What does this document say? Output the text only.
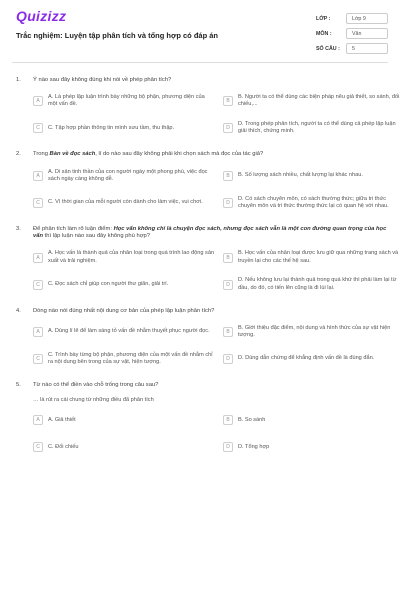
Quizizz
Trắc nghiệm: Luyện tập phân tích và tổng hợp có đáp án
LỚP :	Lớp 9
MÔN :	Văn
SỐ CÂU :	5
1. Ý nào sau đây không đúng khi nói về phép phân tích?
A
A. Là phép lập luận trình bày những bộ phận, phương diện của một vấn đề.	B
B. Người ta có thể dùng các biện pháp nêu giả thiết, so sánh, đối chiếu,...
C	C. Tập hợp phần thông tin mình sưu tầm, thu thập.	D
D. Trong phép phân tích, người ta có thể dùng cả phép lập luận giải thích, chứng minh.
2. Trong Bàn về đọc sách, lí do nào sau đây không phải khi chọn sách mà đọc của tác giả?
A
A. Di sản tinh thần của con người ngày một phong phú, việc đọc sách ngày càng không dễ.	B	B. Số lượng sách nhiều, chất lượng lại khác nhau.
C	C. Vì thời gian của mỗi người còn dành cho làm việc, vui chơi.	D
D. Có sách chuyên môn, có sách thường thức; giữa tri thức chuyên môn và tri thức thường thức lại có quan hệ với nhau.
3. Để phân tích làm rõ luận điểm: Học vấn không chỉ là chuyện đọc sách, nhưng đọc sách vẫn là một con đường quan trọng của học vấn thì lập luận nào sau đây không phù hợp?
A
A. Học vấn là thành quả của nhân loại trong quá trình lao động sản xuất và trải nghiệm.	B
B. Học vấn của nhân loại được lưu giữ qua những trang sách và truyền lại cho các thế hệ sau.
C	C. Đọc sách chỉ giúp con người thư giãn, giải trí.	D
D. Nếu không lưu lại thành quả trong quá khứ thì phải làm lại từ đầu, do đó, có tiến lên cũng là đi lùi lại.
4. Dòng nào nói đúng nhất nội dung cơ bản của phép lập luận phân tích?
A	A. Dùng lí lẽ để làm sáng tỏ vấn đề nhằm thuyết phục người đọc.	B
B. Giới thiệu đặc điểm, nội dung và hình thức của sự vật hiện tượng.
C
C. Trình bày từng bộ phận, phương diện của một vấn đề nhằm chỉ ra nội dung bên trong của sự vật, hiện tượng.	D	D. Dùng dẫn chứng để khẳng định vấn đề là đúng đắn.
5. Từ nào có thể điền vào chỗ trống trong câu sau?
… là rút ra cái chung từ những điều đã phân tích
A	A. Giả thiết	B	B. So sánh
C	C. Đối chiếu	D	D. Tổng hợp
